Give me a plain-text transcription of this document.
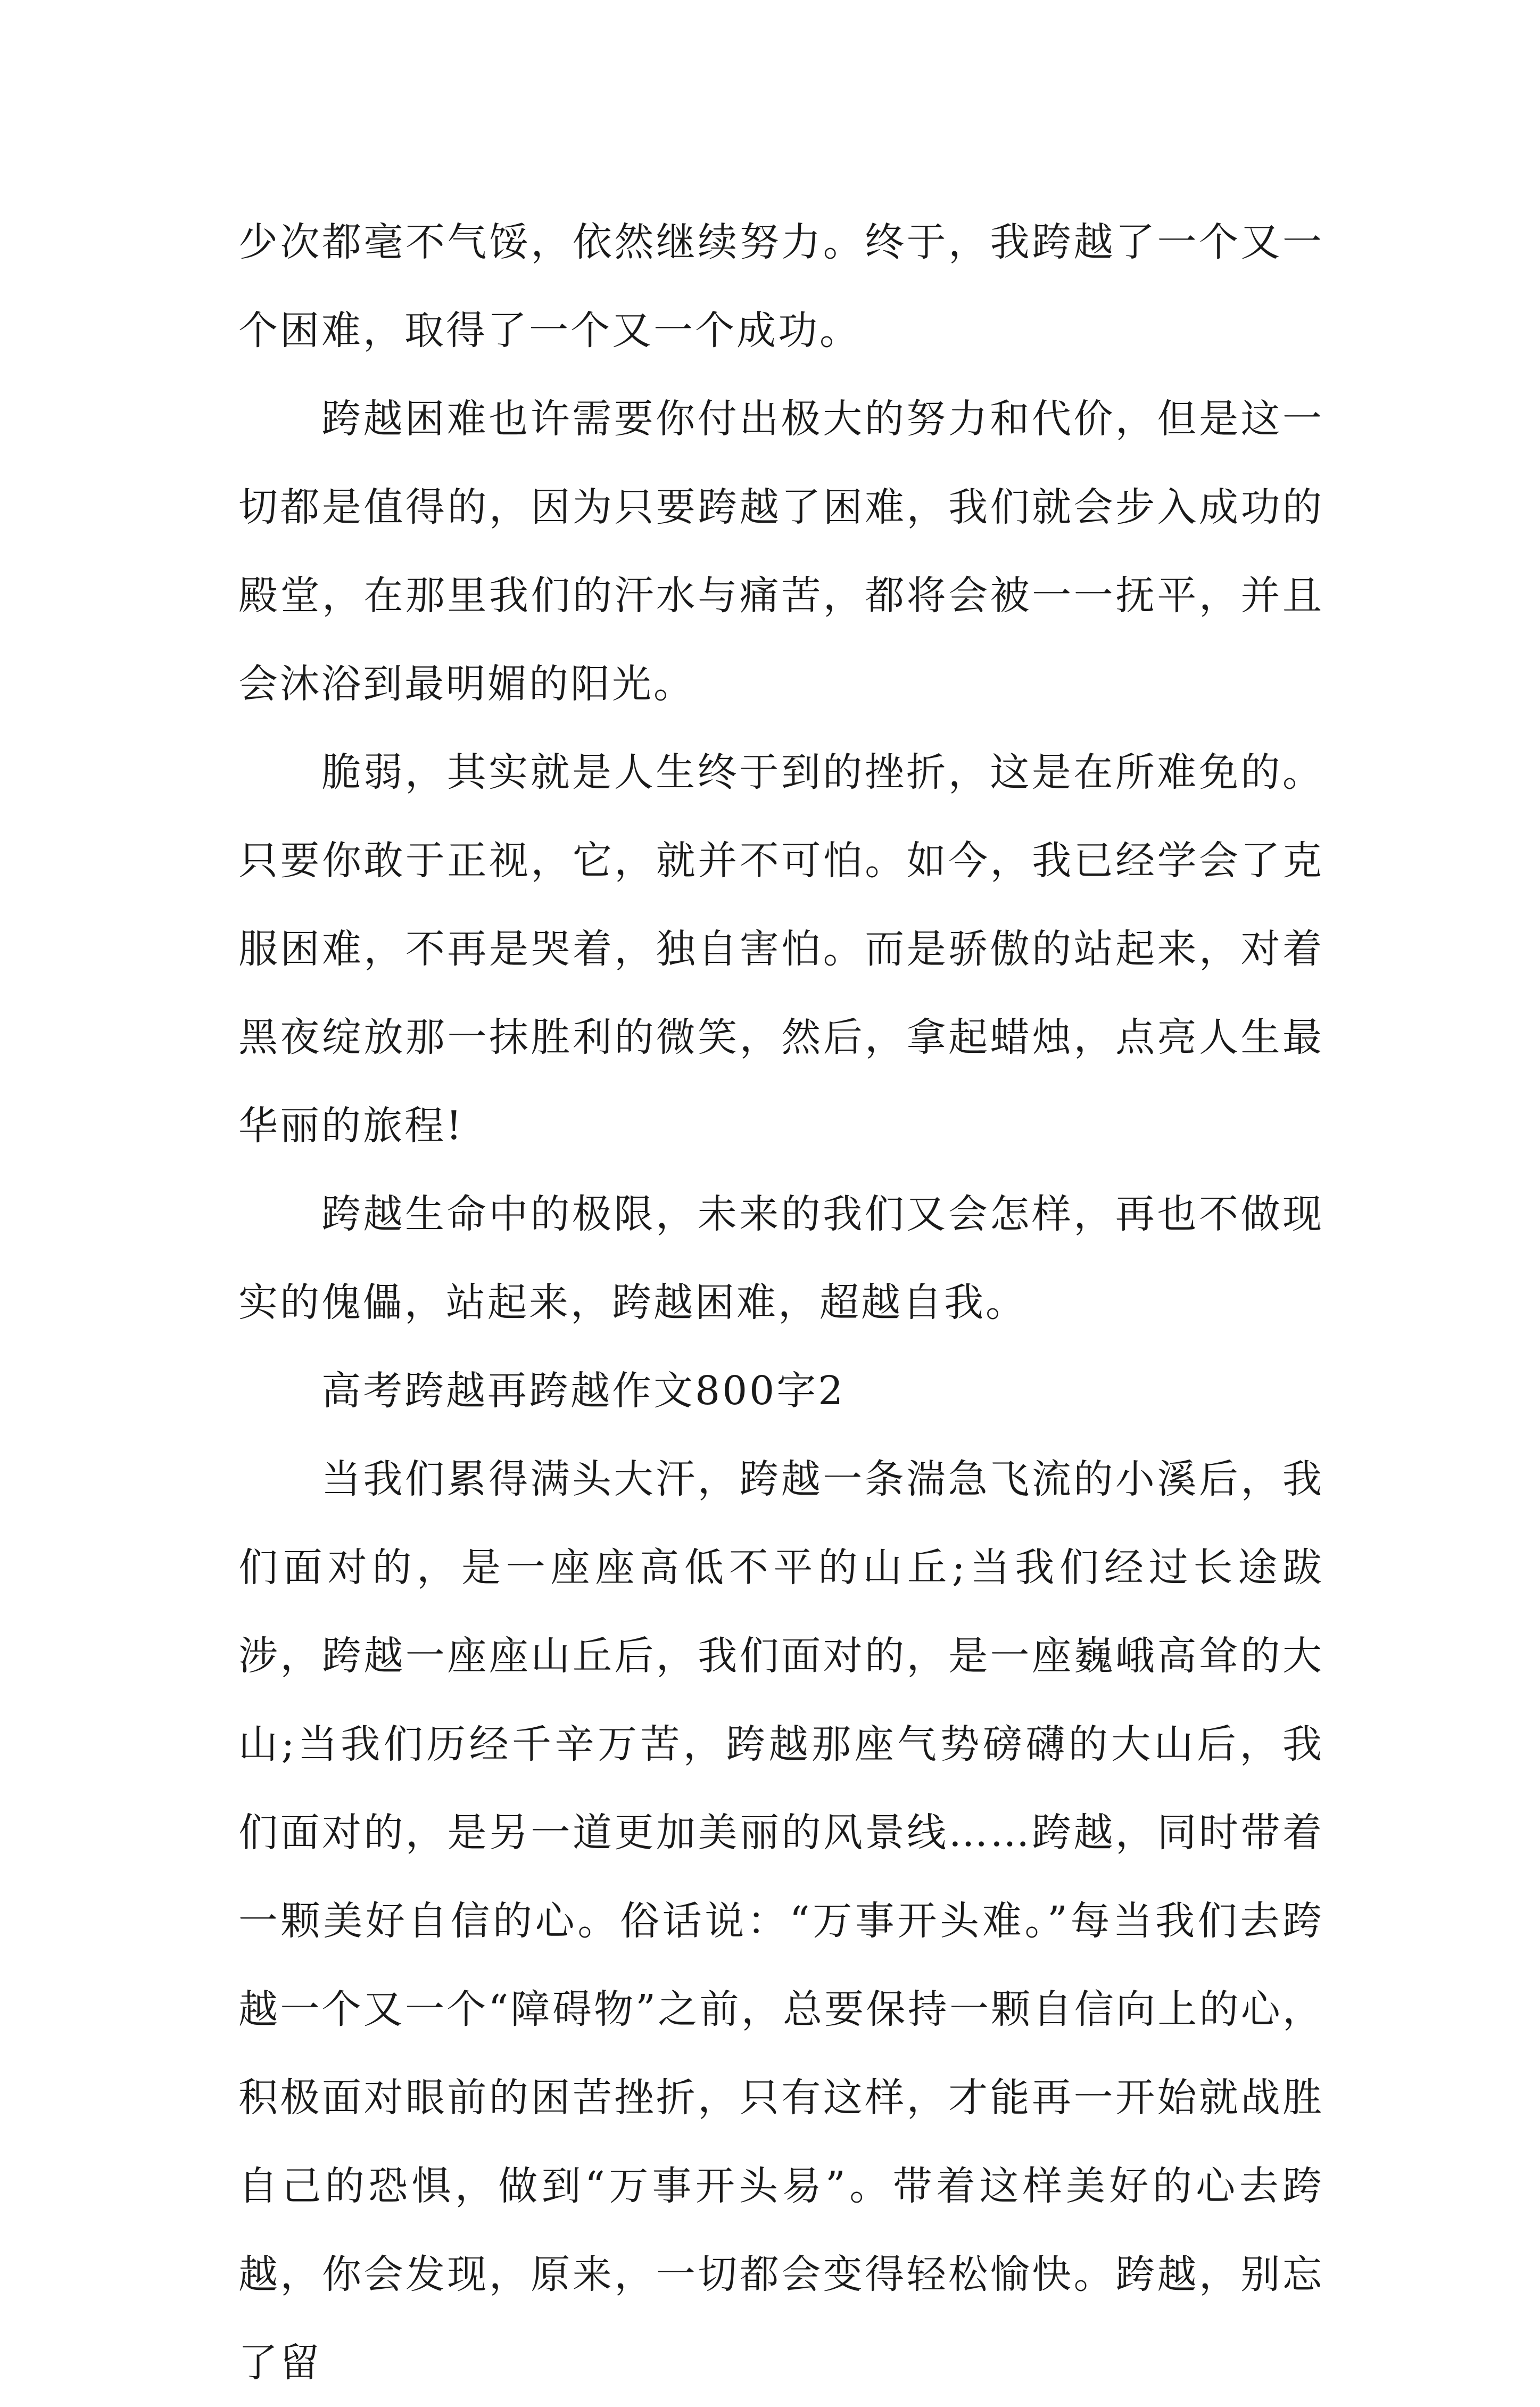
少次都毫不气馁，依然继续努力。终于，我跨越了一个又一个困难，取得了一个又一个成功。

跨越困难也许需要你付出极大的努力和代价，但是这一切都是值得的，因为只要跨越了困难，我们就会步入成功的殿堂，在那里我们的汗水与痛苦，都将会被一一抚平，并且会沐浴到最明媚的阳光。

脆弱，其实就是人生终于到的挫折，这是在所难免的。只要你敢于正视，它，就并不可怕。如今，我已经学会了克服困难，不再是哭着，独自害怕。而是骄傲的站起来，对着黑夜绽放那一抹胜利的微笑，然后，拿起蜡烛，点亮人生最华丽的旅程!

跨越生命中的极限，未来的我们又会怎样，再也不做现实的傀儡，站起来，跨越困难，超越自我。

高考跨越再跨越作文800字2

当我们累得满头大汗，跨越一条湍急飞流的小溪后，我们面对的，是一座座高低不平的山丘;当我们经过长途跋涉，跨越一座座山丘后，我们面对的，是一座巍峨高耸的大山;当我们历经千辛万苦，跨越那座气势磅礴的大山后，我们面对的，是另一道更加美丽的风景线……跨越，同时带着一颗美好自信的心。俗话说：“万事开头难。”每当我们去跨越一个又一个“障碍物”之前，总要保持一颗自信向上的心，积极面对眼前的困苦挫折，只有这样，才能再一开始就战胜自己的恐惧，做到“万事开头易”。带着这样美好的心去跨越，你会发现，原来，一切都会变得轻松愉快。跨越，别忘了留
